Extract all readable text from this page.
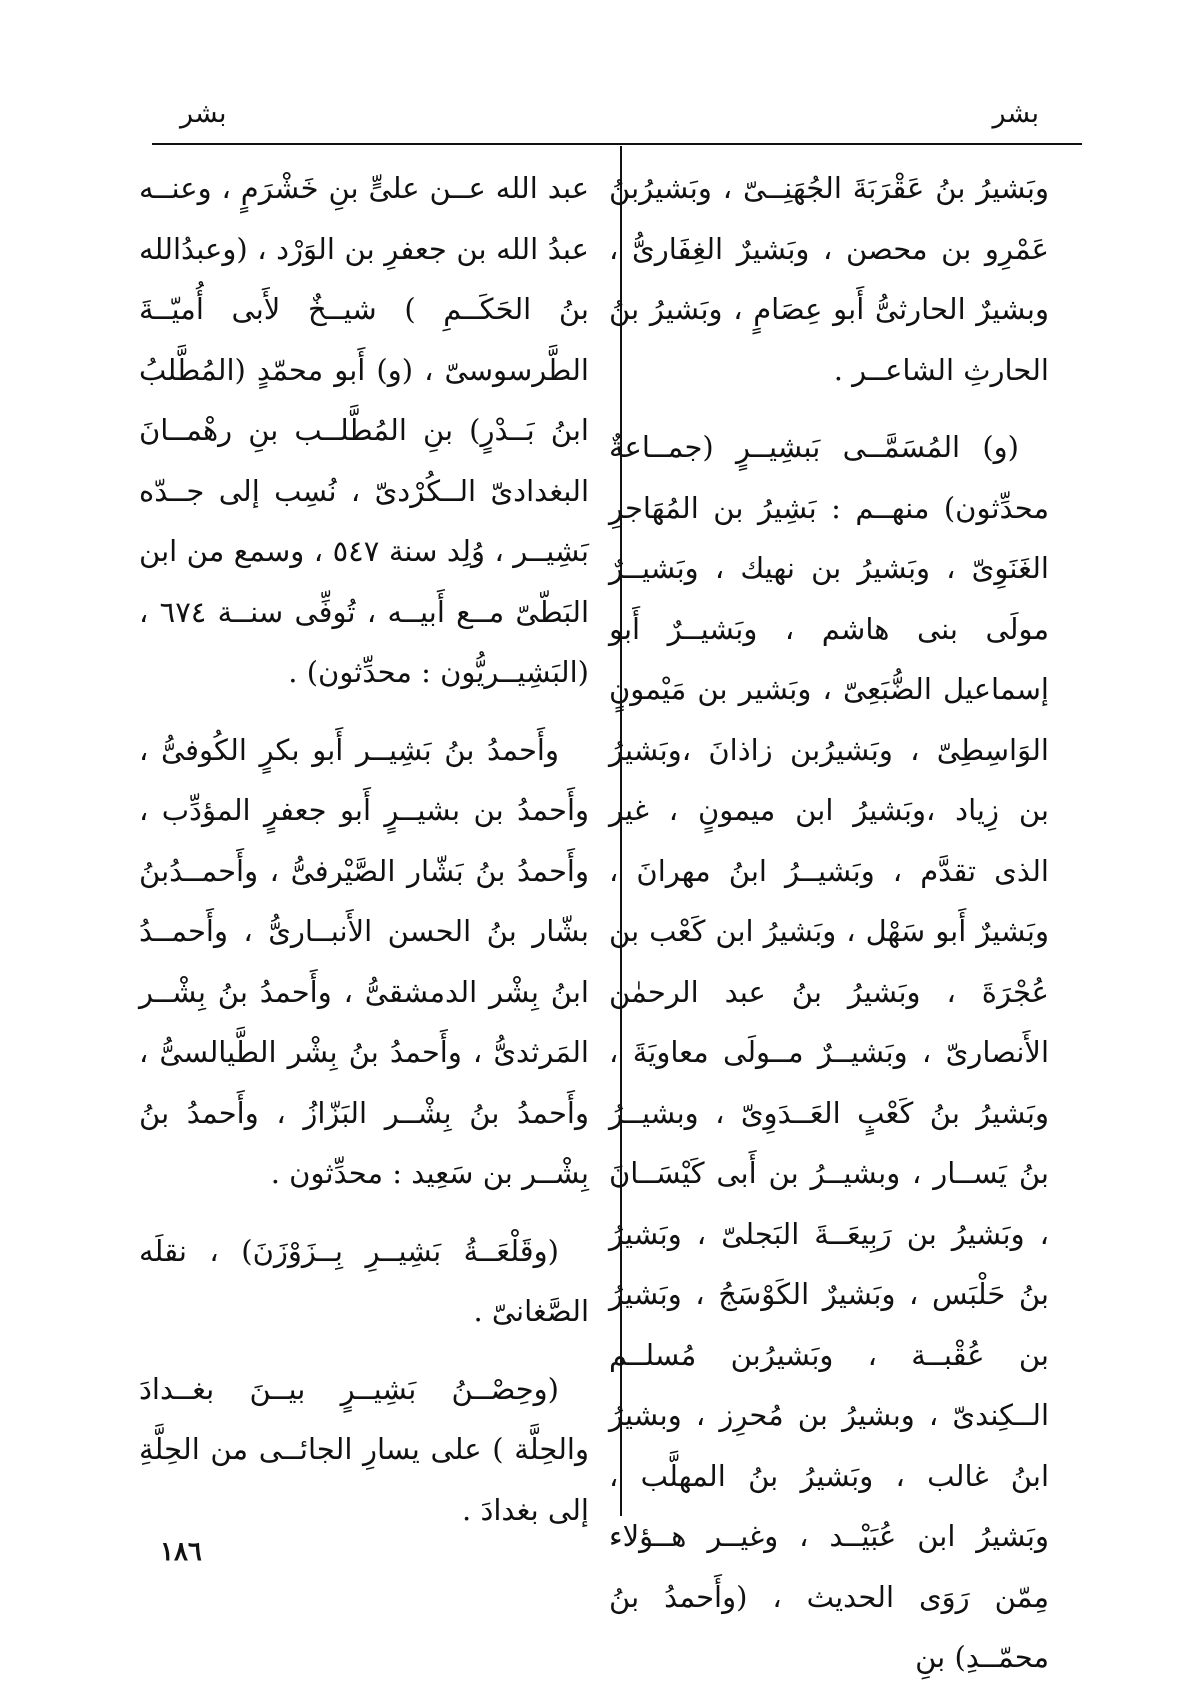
بشر
بشر

وبَشيرُ بنُ عَقْرَبَةَ الجُهَنِــىّ ، وبَشيرُبنُ عَمْرِو بن محصن ، وبَشيرٌ الغِفَارىُّ ، وبشيرٌ الحارثىُّ أَبو عِصَامٍ ، وبَشيرُ بنُ الحارثِ الشاعــر .

(و) المُسَمَّــى بَبشِيــرٍ (جمــاعةٌ محدِّثون) منهــم : بَشِيرُ بن المُهَاجرِ الغَنَوِىّ ، وبَشيرُ بن نهيك ، وبَشيــرٌ مولَى بنى هاشم ، وبَشيــرٌ أَبو إسماعيل الضُّبَعِىّ ، وبَشير بن مَيْمونٍ الوَاسِطِىّ ، وبَشيرُبن زاذانَ ،وبَشيرُ بن زِياد ،وبَشيرُ ابن ميمونٍ ، غير الذى تقدَّم ، وبَشيــرُ ابنُ مهرانَ ، وبَشيرٌ أَبو سَهْل ، وبَشيرُ ابن كَعْب بن عُجْرَةَ ، وبَشيرُ بنُ عبد الرحمٰن الأَنصارىّ ، وبَشيــرٌ مــولَى معاويَةَ ، وبَشيرُ بنُ كَعْبٍ العَــدَوِىّ ، وبشيــرُ بنُ يَســار ، وبشيــرُ بن أَبى كَيْسَــانَ ، وبَشيرُ بن رَبِيعَــةَ البَجلىّ ، وبَشيرُ بنُ حَلْبَس ، وبَشيرٌ الكَوْسَجُ ، وبَشيرُ بن عُقْبــة ، وبَشيرُبن مُسلــم الــكِندىّ ، وبشيرُ بن مُحرِز ، وبشيرُ ابنُ غالب ، وبَشيرُ بنُ المهلَّب ، وبَشيرُ ابن عُبَيْــد ، وغيــر هــؤلاء مِمّن رَوَى الحديث ، (وأَحمدُ بنُ محمّــدِ) بنِ

عبد الله عــن علىٍّ بنِ خَشْرَمٍ ، وعنــه عبدُ الله بن جعفرِ بن الوَرْد ، (وعبدُالله بنُ الحَكَــمِ ) شيــخٌ لأَبى أُميّــةَ الطَّرسوسىّ ، (و) أَبو محمّدٍ (المُطَّلبُ ابنُ بَــدْرٍ) بنِ المُطَّلــب بنِ رهْمــانَ البغدادىّ الــكُرْدىّ ، نُسِب إلى جــدّه بَشِيــر ، وُلِد سنة ٥٤٧ ، وسمع من ابن البَطّىّ مــع أَبيــه ، تُوفِّى سنــة ٦٧٤ ، (البَشِيــريُّون : محدِّثون) .

وأَحمدُ بنُ بَشِيــر أَبو بكرٍ الكُوفىُّ ، وأَحمدُ بن بشيــرٍ أَبو جعفرٍ المؤدِّب ، وأَحمدُ بنُ بَشّار الصَّيْرفىُّ ، وأَحمــدُبنُ بشّار بنُ الحسن الأَنبــارىُّ ، وأَحمــدُ ابنُ بِشْر الدمشقىُّ ، وأَحمدُ بنُ بِشْــر المَرثدىُّ ، وأَحمدُ بنُ بِشْر الطَّيالسىُّ ، وأَحمدُ بنُ بِشْــر البَزّازُ ، وأَحمدُ بنُ بِشْــر بن سَعِيد : محدِّثون .

(وقَلْعَــةُ بَشِيــرِ بِــزَوْزَنَ) ، نقلَه الصَّغانىّ .

(وحِصْــنُ بَشِيــرٍ بيــنَ بغــدادَ والحِلَّة ) على يسارِ الجائــى من الحِلَّةِ إلى بغدادَ .

١٨٦
